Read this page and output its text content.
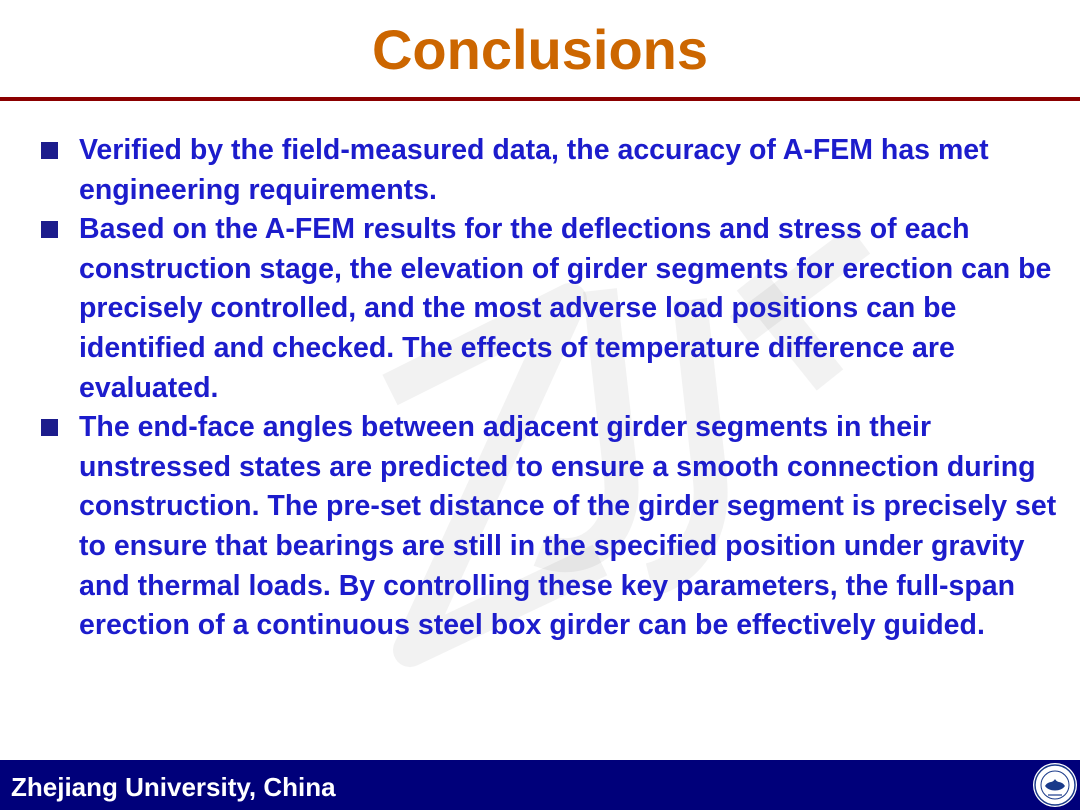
Conclusions
Verified by the field-measured data, the accuracy of A-FEM has met engineering requirements.
Based on the A-FEM results for the deflections and stress of each construction stage, the elevation of girder segments for erection can be precisely controlled, and the most adverse load positions can be identified and checked. The effects of temperature difference are evaluated.
The end-face angles between adjacent girder segments in their unstressed states are predicted to ensure a smooth connection during construction. The pre-set distance of the girder segment is precisely set to ensure that bearings are still in the specified position under gravity and thermal loads. By controlling these key parameters, the full-span erection of a continuous steel box girder can be effectively guided.
Zhejiang University, China
